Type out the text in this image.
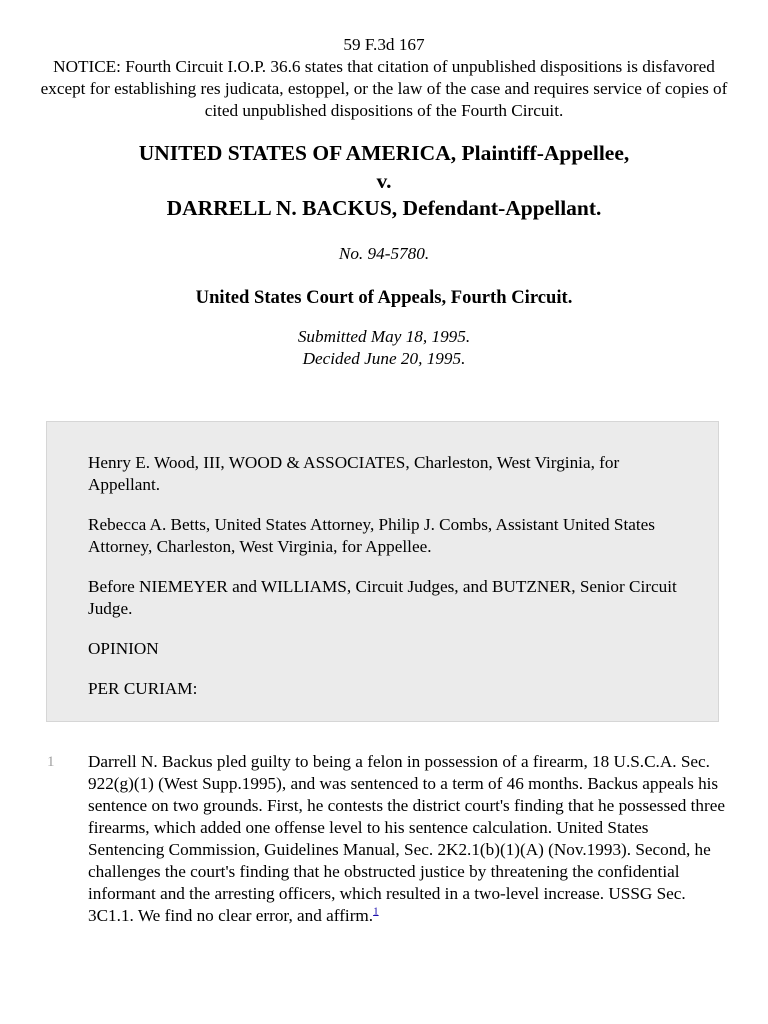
59 F.3d 167
NOTICE: Fourth Circuit I.O.P. 36.6 states that citation of unpublished dispositions is disfavored except for establishing res judicata, estoppel, or the law of the case and requires service of copies of cited unpublished dispositions of the Fourth Circuit.
UNITED STATES OF AMERICA, Plaintiff-Appellee,
v.
DARRELL N. BACKUS, Defendant-Appellant.
No. 94-5780.
United States Court of Appeals, Fourth Circuit.
Submitted May 18, 1995.
Decided June 20, 1995.

Henry E. Wood, III, WOOD & ASSOCIATES, Charleston, West Virginia, for Appellant.

Rebecca A. Betts, United States Attorney, Philip J. Combs, Assistant United States Attorney, Charleston, West Virginia, for Appellee.

Before NIEMEYER and WILLIAMS, Circuit Judges, and BUTZNER, Senior Circuit Judge.

OPINION

PER CURIAM:

1 Darrell N. Backus pled guilty to being a felon in possession of a firearm, 18 U.S.C.A. Sec. 922(g)(1) (West Supp.1995), and was sentenced to a term of 46 months. Backus appeals his sentence on two grounds. First, he contests the district court's finding that he possessed three firearms, which added one offense level to his sentence calculation. United States Sentencing Commission, Guidelines Manual, Sec. 2K2.1(b)(1)(A) (Nov.1993). Second, he challenges the court's finding that he obstructed justice by threatening the confidential informant and the arresting officers, which resulted in a two-level increase. USSG Sec. 3C1.1. We find no clear error, and affirm.$^1$
